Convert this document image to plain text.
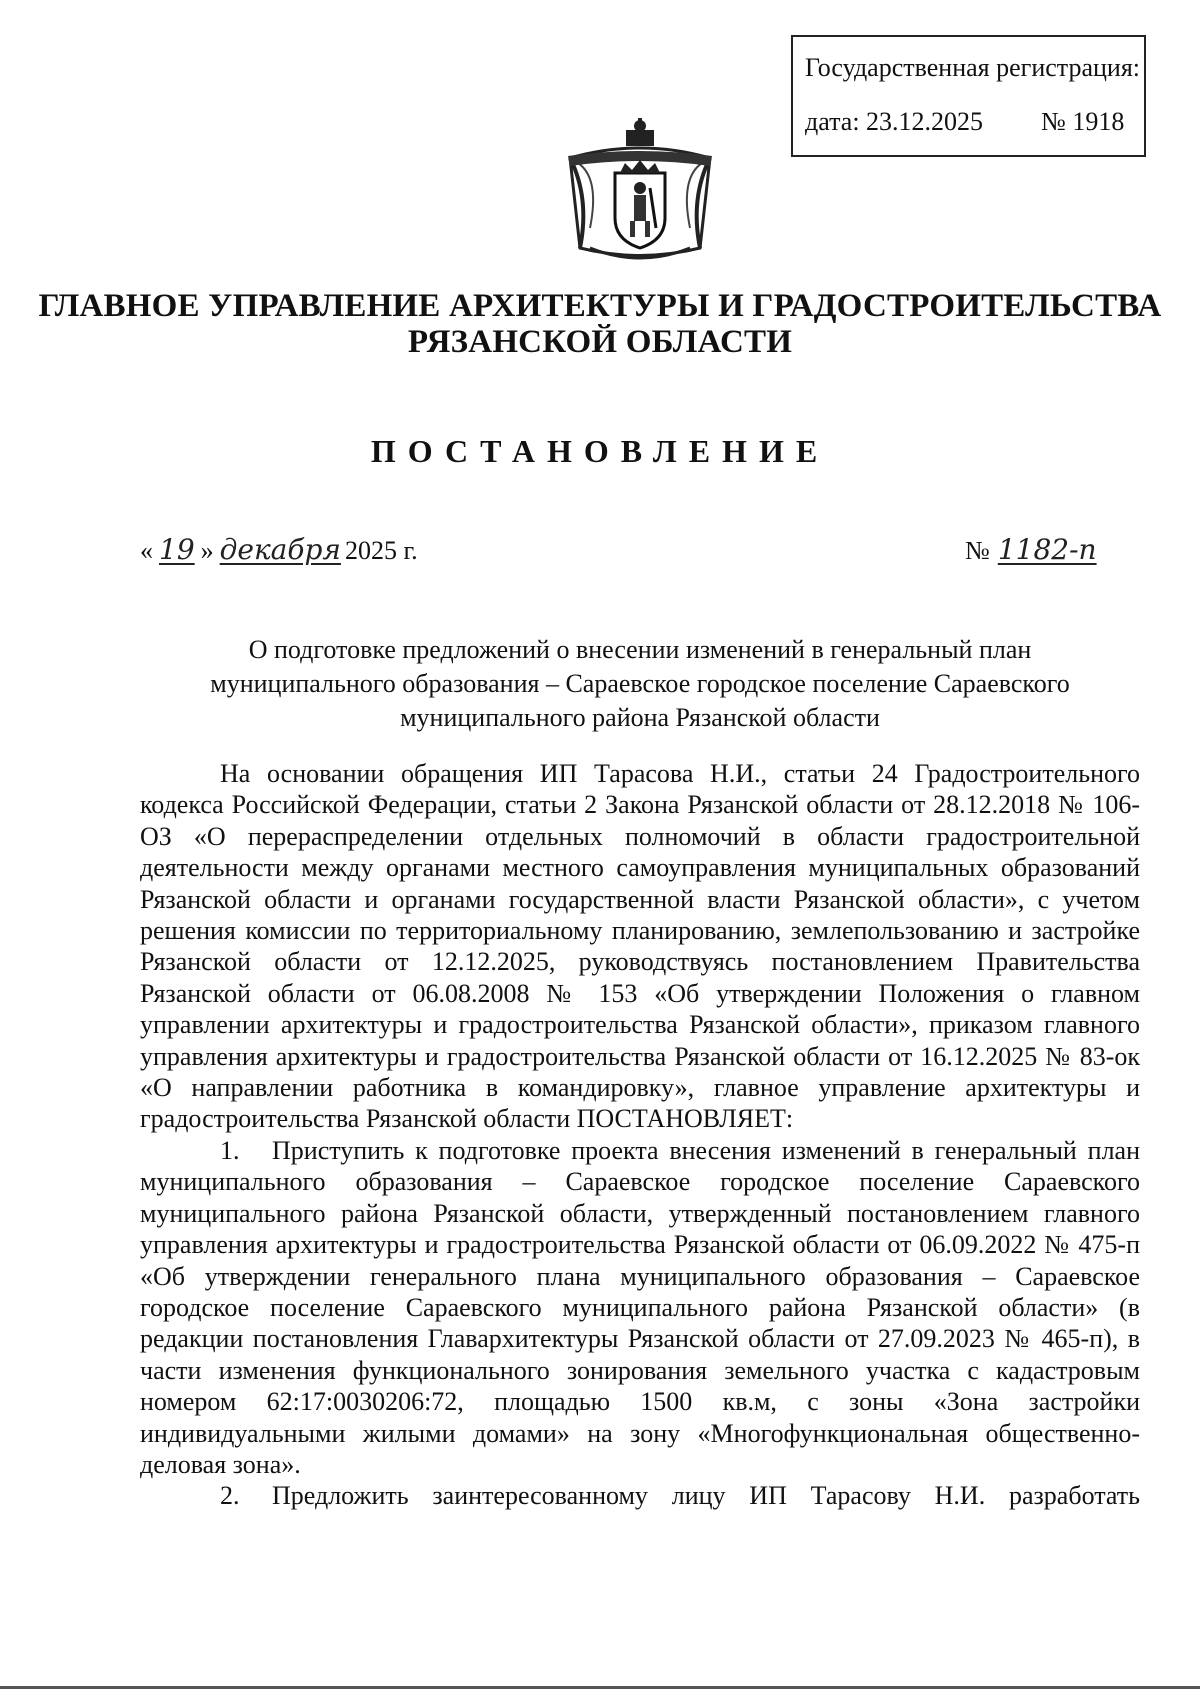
Государственная регистрация:
дата: 23.12.2025 № 1918
ГЛАВНОЕ УПРАВЛЕНИЕ АРХИТЕКТУРЫ И ГРАДОСТРОИТЕЛЬСТВА
РЯЗАНСКОЙ ОБЛАСТИ
ПОСТАНОВЛЕНИЕ
« 19 » декабря 2025 г.	№ 1182-п
О подготовке предложений о внесении изменений в генеральный план
муниципального образования – Сараевское городское поселение Сараевского
муниципального района Рязанской области

На основании обращения ИП Тарасова Н.И., статьи 24 Градостроительного кодекса Российской Федерации, статьи 2 Закона Рязанской области от 28.12.2018 № 106-ОЗ «О перераспределении отдельных полномочий в области градостроительной деятельности между органами местного самоуправления муниципальных образований Рязанской области и органами государственной власти Рязанской области», с учетом решения комиссии по территориальному планированию, землепользованию и застройке Рязанской области от 12.12.2025, руководствуясь постановлением Правительства Рязанской области от 06.08.2008 № 153 «Об утверждении Положения о главном управлении архитектуры и градостроительства Рязанской области», приказом главного управления архитектуры и градостроительства Рязанской области от 16.12.2025 № 83-ок «О направлении работника в командировку», главное управление архитектуры и градостроительства Рязанской области ПОСТАНОВЛЯЕТ:

1. Приступить к подготовке проекта внесения изменений в генеральный план муниципального образования – Сараевское городское поселение Сараевского муниципального района Рязанской области, утвержденный постановлением главного управления архитектуры и градостроительства Рязанской области от 06.09.2022 № 475-п «Об утверждении генерального плана муниципального образования – Сараевское городское поселение Сараевского муниципального района Рязанской области» (в редакции постановления Главархитектуры Рязанской области от 27.09.2023 № 465-п), в части изменения функционального зонирования земельного участка с кадастровым номером 62:17:0030206:72, площадью 1500 кв.м, с зоны «Зона застройки индивидуальными жилыми домами» на зону «Многофункциональная общественно-деловая зона».

2. Предложить заинтересованному лицу ИП Тарасову Н.И. разработать
